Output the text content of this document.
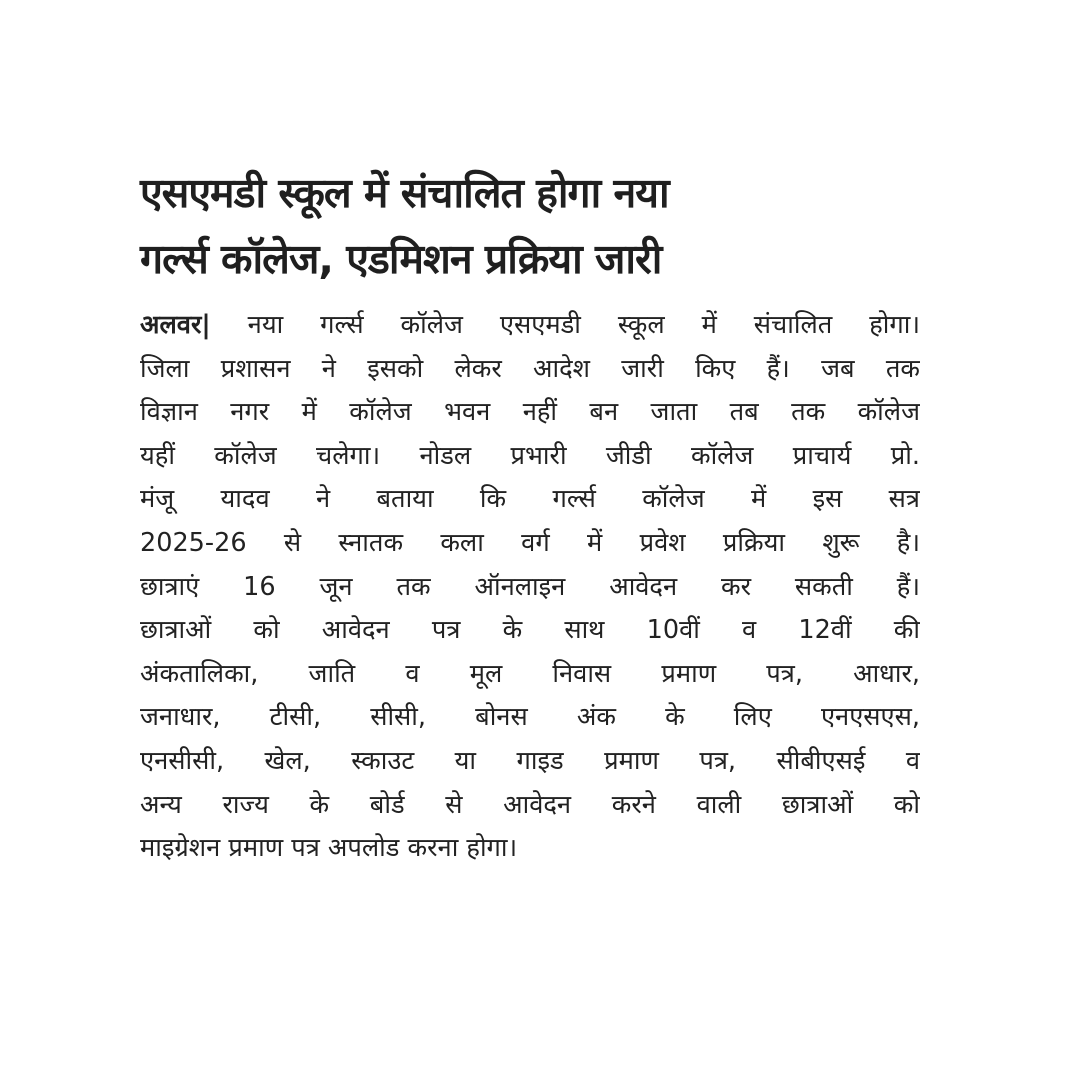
एसएमडी स्कूल में संचालित होगा नया
गर्ल्स कॉलेज, एडमिशन प्रक्रिया जारी
अलवर| नया गर्ल्स कॉलेज एसएमडी स्कूल में संचालित होगा।
जिला प्रशासन ने इसको लेकर आदेश जारी किए हैं। जब तक
विज्ञान नगर में कॉलेज भवन नहीं बन जाता तब तक कॉलेज
यहीं कॉलेज चलेगा। नोडल प्रभारी जीडी कॉलेज प्राचार्य प्रो.
मंजू यादव ने बताया कि गर्ल्स कॉलेज में इस सत्र
2025-26 से स्नातक कला वर्ग में प्रवेश प्रक्रिया शुरू है।
छात्राएं 16 जून तक ऑनलाइन आवेदन कर सकती हैं।
छात्राओं को आवेदन पत्र के साथ 10वीं व 12वीं की
अंकतालिका, जाति व मूल निवास प्रमाण पत्र, आधार,
जनाधार, टीसी, सीसी, बोनस अंक के लिए एनएसएस,
एनसीसी, खेल, स्काउट या गाइड प्रमाण पत्र, सीबीएसई व
अन्य राज्य के बोर्ड से आवेदन करने वाली छात्राओं को
माइग्रेशन प्रमाण पत्र अपलोड करना होगा।
